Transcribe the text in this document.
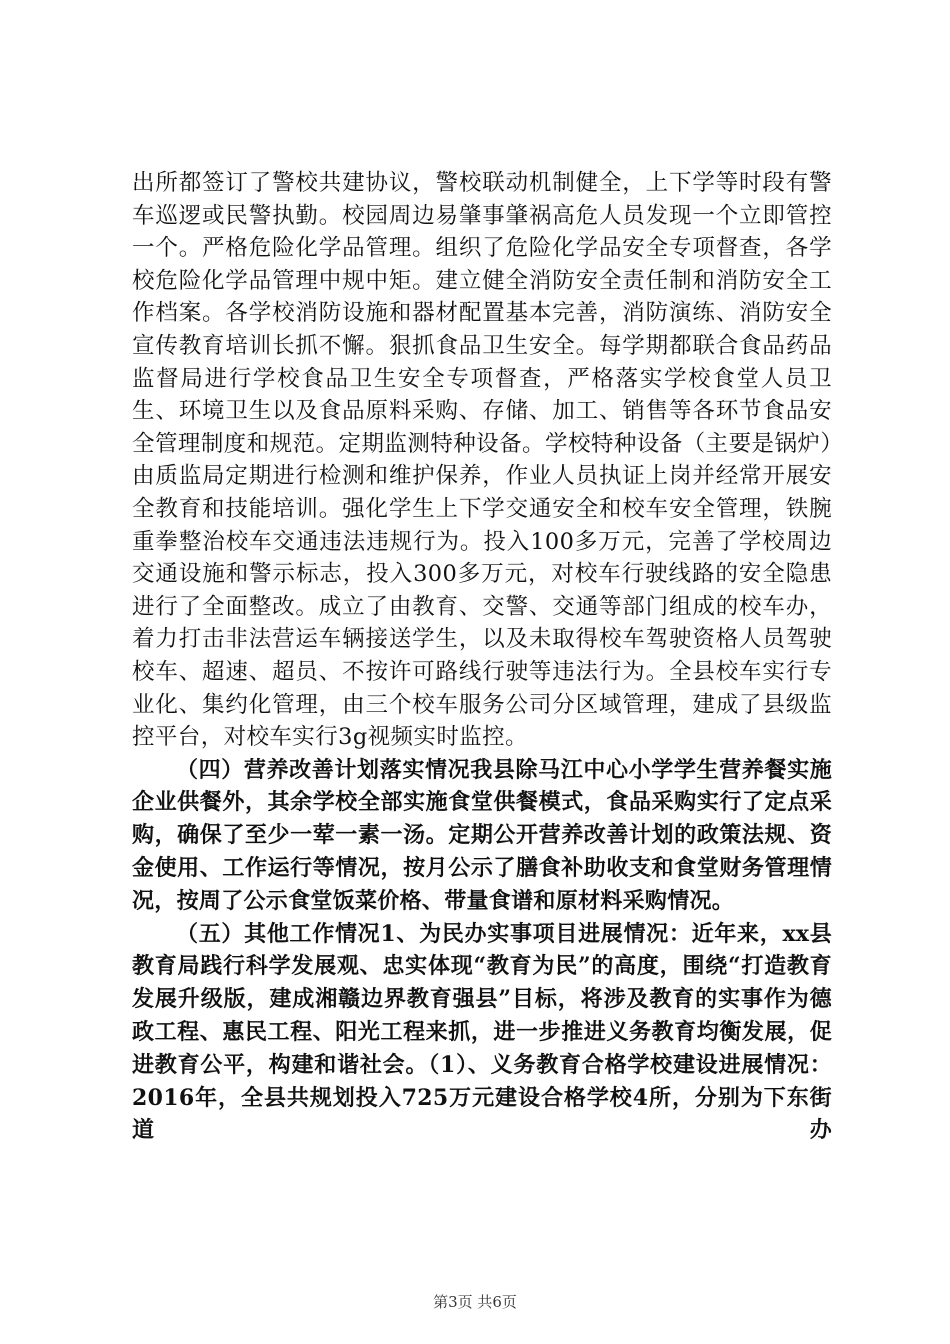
出所都签订了警校共建协议，警校联动机制健全，上下学等时段有警车巡逻或民警执勤。校园周边易肇事肇祸高危人员发现一个立即管控一个。严格危险化学品管理。组织了危险化学品安全专项督查，各学校危险化学品管理中规中矩。建立健全消防安全责任制和消防安全工作档案。各学校消防设施和器材配置基本完善，消防演练、消防安全宣传教育培训长抓不懈。狠抓食品卫生安全。每学期都联合食品药品监督局进行学校食品卫生安全专项督查，严格落实学校食堂人员卫生、环境卫生以及食品原料采购、存储、加工、销售等各环节食品安全管理制度和规范。定期监测特种设备。学校特种设备（主要是锅炉）由质监局定期进行检测和维护保养，作业人员执证上岗并经常开展安全教育和技能培训。强化学生上下学交通安全和校车安全管理，铁腕重拳整治校车交通违法违规行为。投入100多万元，完善了学校周边交通设施和警示标志，投入300多万元，对校车行驶线路的安全隐患进行了全面整改。成立了由教育、交警、交通等部门组成的校车办，着力打击非法营运车辆接送学生，以及未取得校车驾驶资格人员驾驶校车、超速、超员、不按许可路线行驶等违法行为。全县校车实行专业化、集约化管理，由三个校车服务公司分区域管理，建成了县级监控平台，对校车实行3g视频实时监控。

（四）营养改善计划落实情况我县除马江中心小学学生营养餐实施企业供餐外，其余学校全部实施食堂供餐模式，食品采购实行了定点采购，确保了至少一荤一素一汤。定期公开营养改善计划的政策法规、资金使用、工作运行等情况，按月公示了膳食补助收支和食堂财务管理情况，按周了公示食堂饭菜价格、带量食谱和原材料采购情况。

（五）其他工作情况1、为民办实事项目进展情况：近年来，xx县教育局践行科学发展观、忠实体现“教育为民”的高度，围绕“打造教育发展升级版，建成湘赣边界教育强县”目标，将涉及教育的实事作为德政工程、惠民工程、阳光工程来抓，进一步推进义务教育均衡发展，促进教育公平，构建和谐社会。（1）、义务教育合格学校建设进展情况：2016年，全县共规划投入725万元建设合格学校4所，分别为下东街道办

第3页 共6页
